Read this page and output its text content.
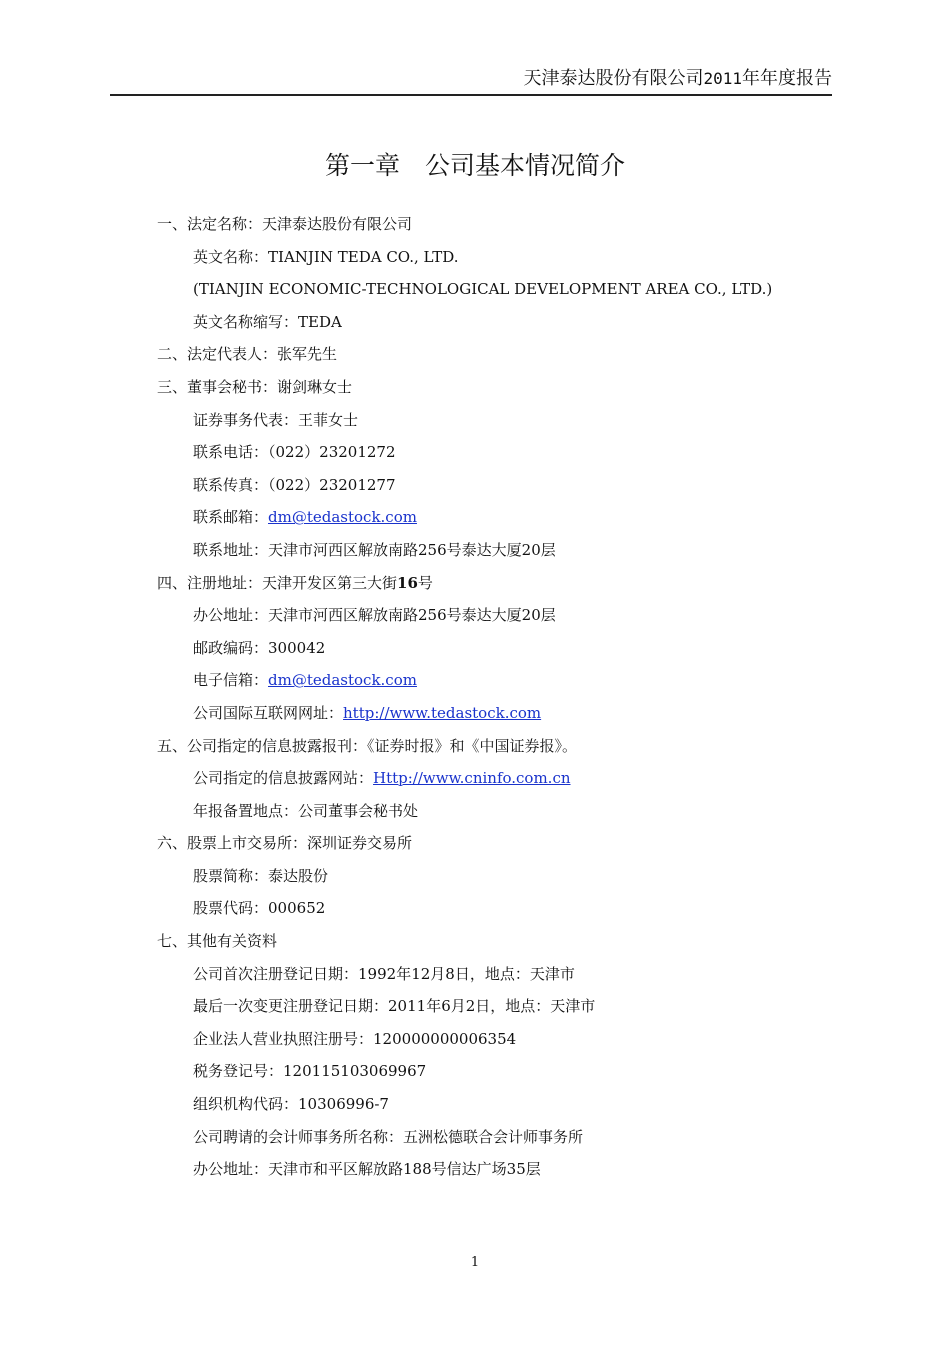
天津泰达股份有限公司2011年年度报告
第一章　公司基本情况简介
一、法定名称：天津泰达股份有限公司
英文名称：TIANJIN TEDA CO., LTD.
(TIANJIN ECONOMIC-TECHNOLOGICAL DEVELOPMENT AREA CO., LTD.)
英文名称缩写：TEDA
二、法定代表人：张军先生
三、董事会秘书：谢剑琳女士
证券事务代表：王菲女士
联系电话：（022）23201272
联系传真：（022）23201277
联系邮箱：dm@tedastock.com
联系地址：天津市河西区解放南路256号泰达大厦20层
四、注册地址：天津开发区第三大街16号
办公地址：天津市河西区解放南路256号泰达大厦20层
邮政编码：300042
电子信箱：dm@tedastock.com
公司国际互联网网址：http://www.tedastock.com
五、公司指定的信息披露报刊：《证券时报》和《中国证券报》。
公司指定的信息披露网站：Http://www.cninfo.com.cn
年报备置地点：公司董事会秘书处
六、股票上市交易所：深圳证券交易所
股票简称：泰达股份
股票代码：000652
七、其他有关资料
公司首次注册登记日期：1992年12月8日，地点：天津市
最后一次变更注册登记日期：2011年6月2日，地点：天津市
企业法人营业执照注册号：120000000006354
税务登记号：120115103069967
组织机构代码：10306996-7
公司聘请的会计师事务所名称：五洲松德联合会计师事务所
办公地址：天津市和平区解放路188号信达广场35层
1
